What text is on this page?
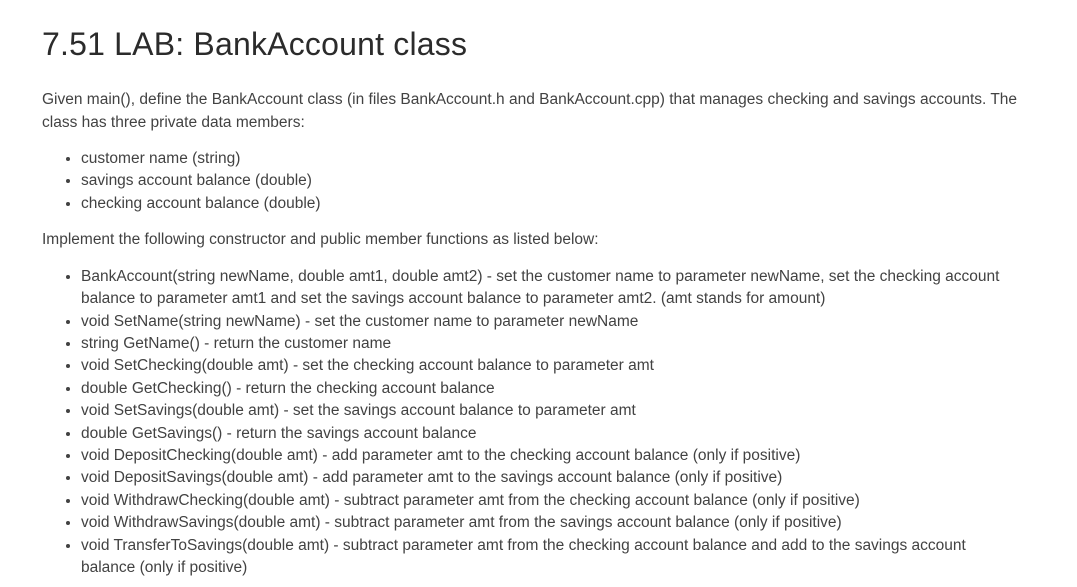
7.51 LAB: BankAccount class

Given main(), define the BankAccount class (in files BankAccount.h and BankAccount.cpp) that manages checking and savings accounts. The class has three private data members:

• customer name (string)
• savings account balance (double)
• checking account balance (double)

Implement the following constructor and public member functions as listed below:

• BankAccount(string newName, double amt1, double amt2) - set the customer name to parameter newName, set the checking account balance to parameter amt1 and set the savings account balance to parameter amt2. (amt stands for amount)
• void SetName(string newName) - set the customer name to parameter newName
• string GetName() - return the customer name
• void SetChecking(double amt) - set the checking account balance to parameter amt
• double GetChecking() - return the checking account balance
• void SetSavings(double amt) - set the savings account balance to parameter amt
• double GetSavings() - return the savings account balance
• void DepositChecking(double amt) - add parameter amt to the checking account balance (only if positive)
• void DepositSavings(double amt) - add parameter amt to the savings account balance (only if positive)
• void WithdrawChecking(double amt) - subtract parameter amt from the checking account balance (only if positive)
• void WithdrawSavings(double amt) - subtract parameter amt from the savings account balance (only if positive)
• void TransferToSavings(double amt) - subtract parameter amt from the checking account balance and add to the savings account balance (only if positive)
